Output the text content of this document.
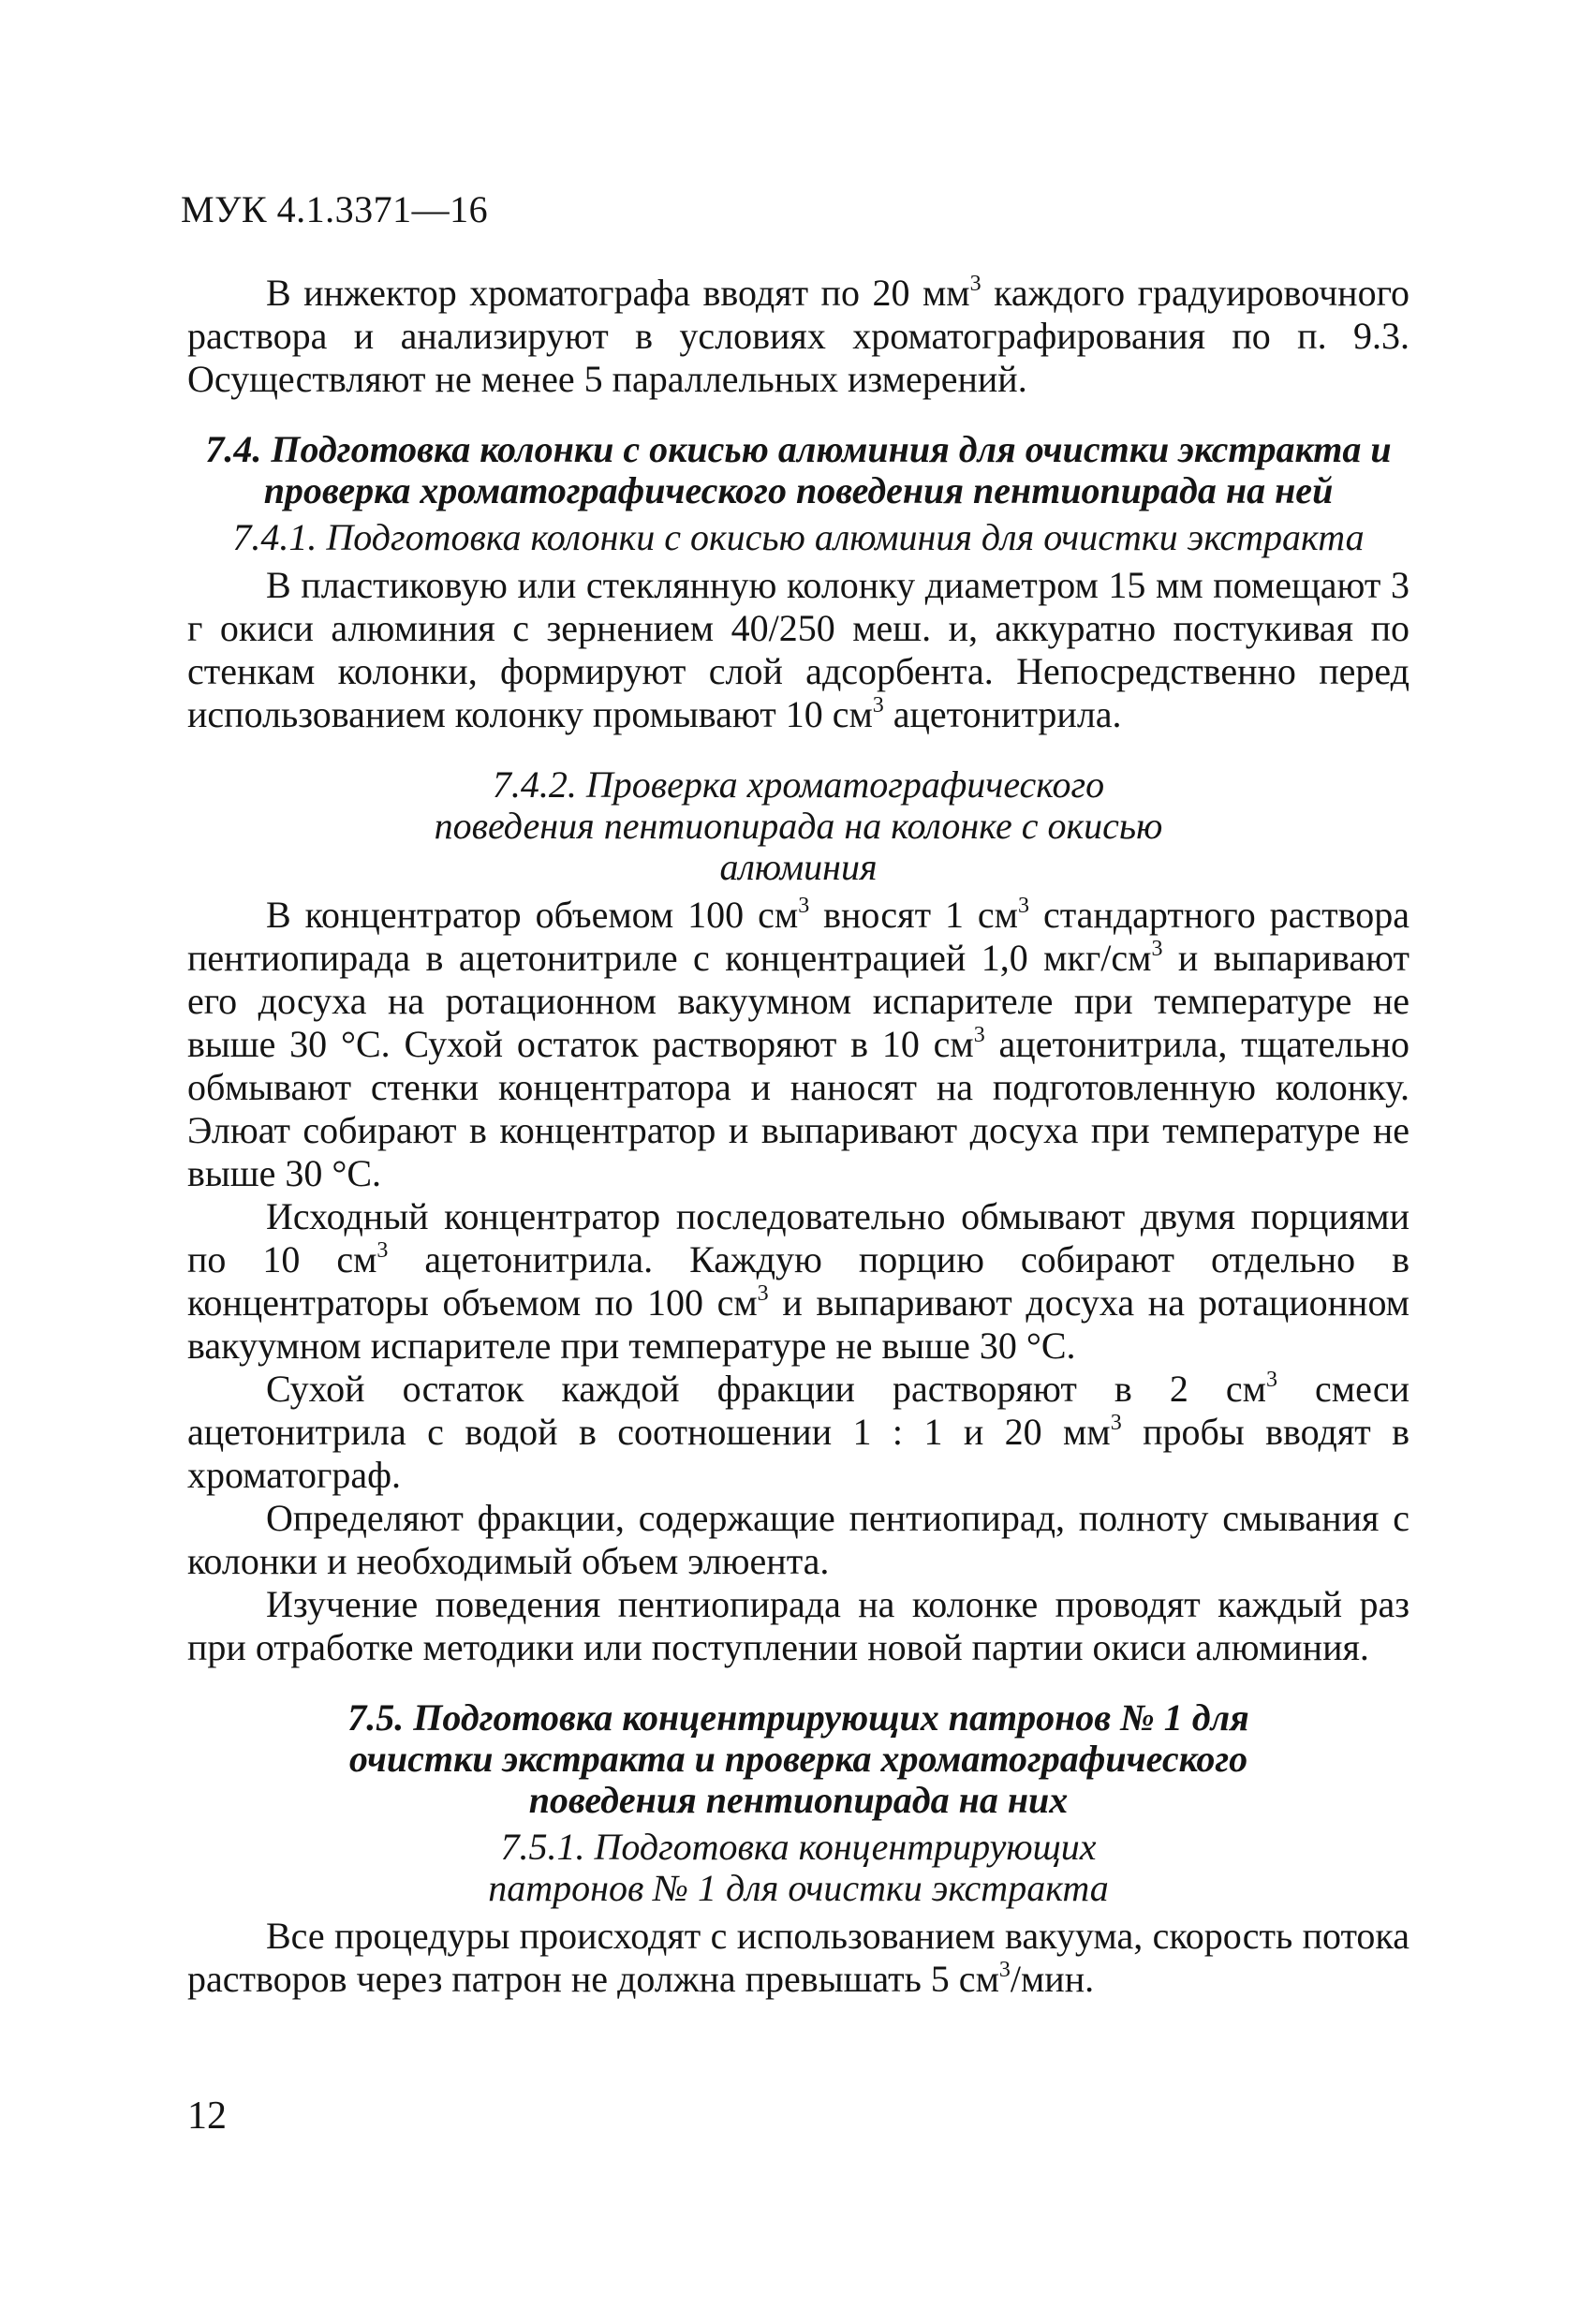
МУК 4.1.3371—16

В инжектор хроматографа вводят по 20 $мм^3$ каждого градуировочного раствора и анализируют в условиях хроматографирования по п. 9.3. Осуществляют не менее 5 параллельных измерений.

7.4. Подготовка колонки с окисью алюминия для очистки экстракта и проверка хроматографического поведения пентиопирада на ней
7.4.1. Подготовка колонки с окисью алюминия для очистки экстракта

В пластиковую или стеклянную колонку диаметром 15 мм помещают 3 г окиси алюминия с зернением 40/250 меш. и, аккуратно постукивая по стенкам колонки, формируют слой адсорбента. Непосредственно перед использованием колонку промывают 10 $см^3$ ацетонитрила.

7.4.2. Проверка хроматографического поведения пентиопирада на колонке с окисью алюминия

В концентратор объемом 100 $см^3$ вносят 1 $см^3$ стандартного раствора пентиопирада в ацетонитриле с концентрацией 1,0 мкг/$см^3$ и выпаривают его досуха на ротационном вакуумном испарителе при температуре не выше 30 °С. Сухой остаток растворяют в 10 $см^3$ ацетонитрила, тщательно обмывают стенки концентратора и наносят на подготовленную колонку. Элюат собирают в концентратор и выпаривают досуха при температуре не выше 30 °С.

Исходный концентратор последовательно обмывают двумя порциями по 10 $см^3$ ацетонитрила. Каждую порцию собирают отдельно в концентраторы объемом по 100 $см^3$ и выпаривают досуха на ротационном вакуумном испарителе при температуре не выше 30 °С.

Сухой остаток каждой фракции растворяют в 2 $см^3$ смеси ацетонитрила с водой в соотношении 1 : 1 и 20 $мм^3$ пробы вводят в хроматограф.

Определяют фракции, содержащие пентиопирад, полноту смывания с колонки и необходимый объем элюента.

Изучение поведения пентиопирада на колонке проводят каждый раз при отработке методики или поступлении новой партии окиси алюминия.

7.5. Подготовка концентрирующих патронов № 1 для очистки экстракта и проверка хроматографического поведения пентиопирада на них
7.5.1. Подготовка концентрирующих патронов № 1 для очистки экстракта

Все процедуры происходят с использованием вакуума, скорость потока растворов через патрон не должна превышать 5 $см^3$/мин.

12
